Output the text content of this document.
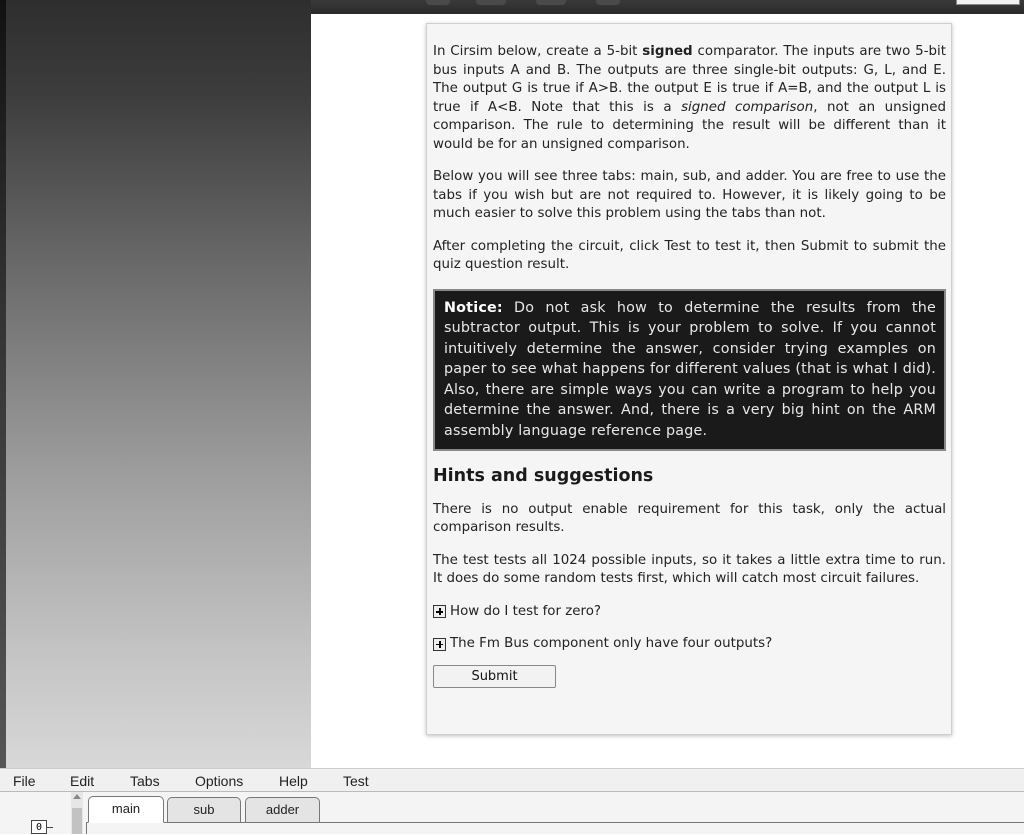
In Cirsim below, create a 5-bit signed comparator. The inputs are two 5-bit bus inputs A and B. The outputs are three single-bit outputs: G, L, and E. The output G is true if A>B. the output E is true if A=B, and the output L is true if A<B. Note that this is a signed comparison, not an unsigned comparison. The rule to determining the result will be different than it would be for an unsigned comparison.

Below you will see three tabs: main, sub, and adder. You are free to use the tabs if you wish but are not required to. However, it is likely going to be much easier to solve this problem using the tabs than not.

After completing the circuit, click Test to test it, then Submit to submit the quiz question result.

Notice: Do not ask how to determine the results from the subtractor output. This is your problem to solve. If you cannot intuitively determine the answer, consider trying examples on paper to see what happens for different values (that is what I did). Also, there are simple ways you can write a program to help you determine the answer. And, there is a very big hint on the ARM assembly language reference page.
Hints and suggestions

There is no output enable requirement for this task, only the actual comparison results.

The test tests all 1024 possible inputs, so it takes a little extra time to run. It does do some random tests first, which will catch most circuit failures.

How do I test for zero?
The Fm Bus component only have four outputs?
Submit
File Edit	Tabs	Options	Help	Test
0
main	sub	adder
